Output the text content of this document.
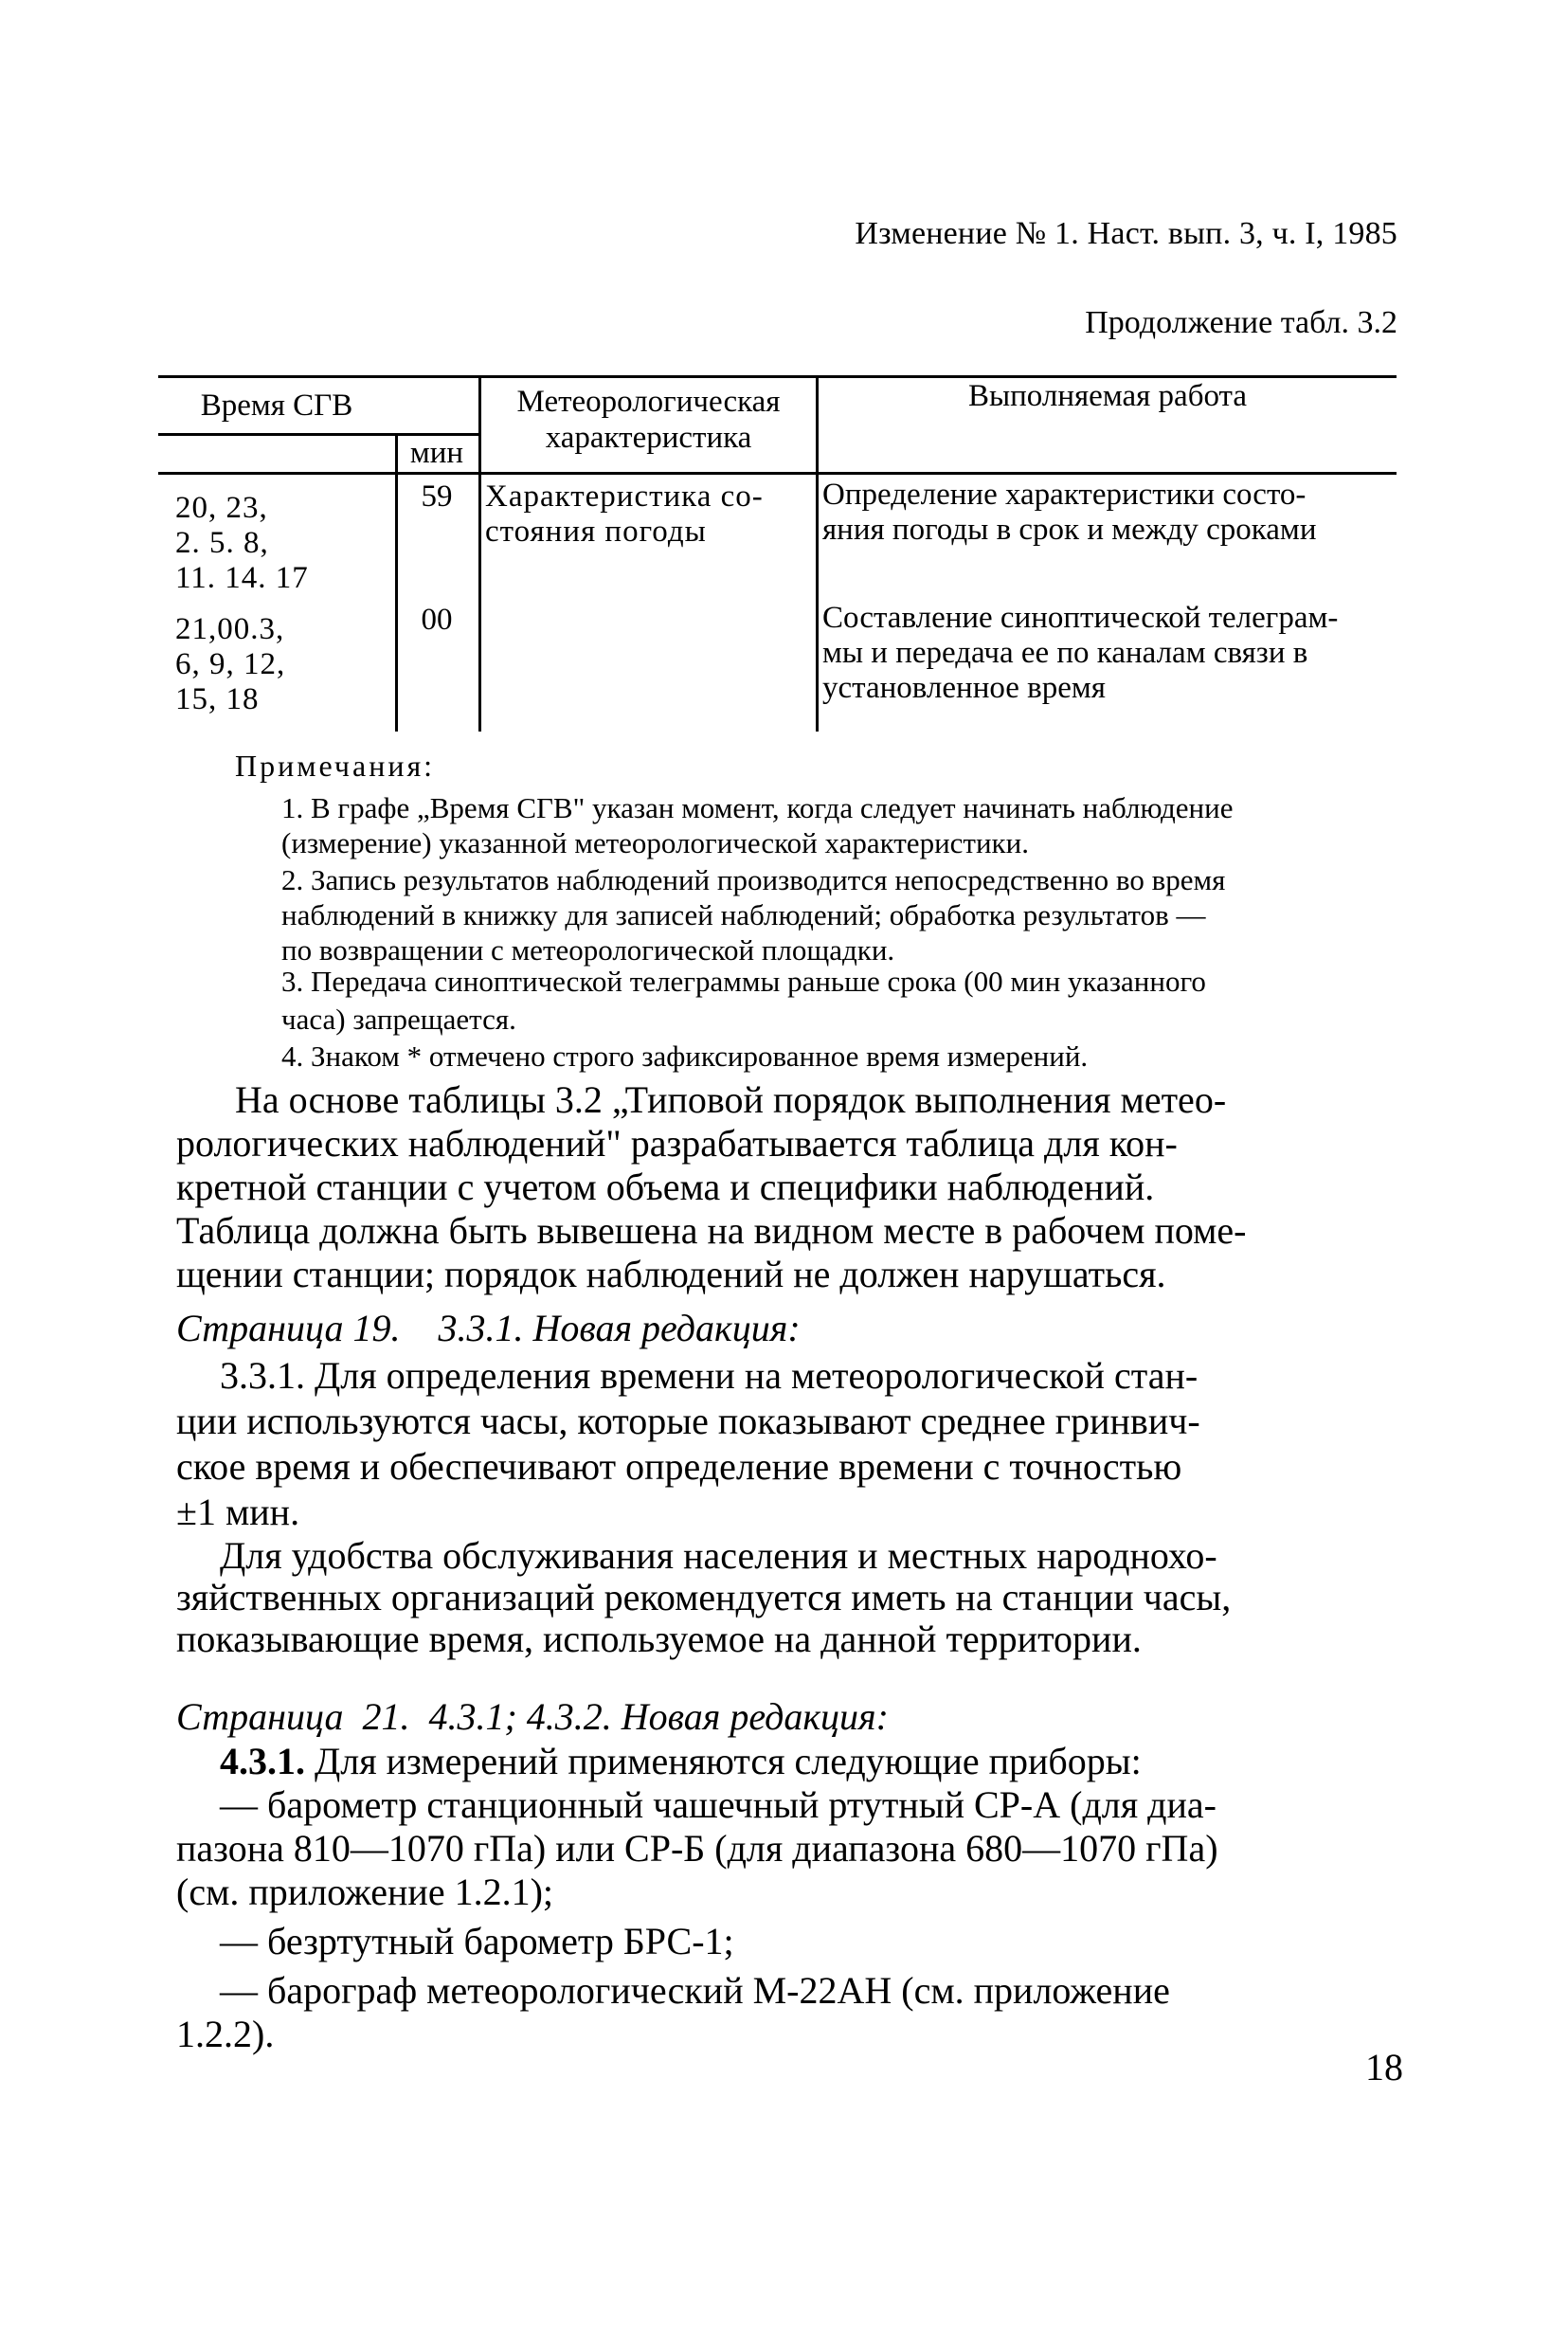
Изменение № 1. Наст. вып. 3, ч. I, 1985
Продолжение табл. 3.2
Время СГВ
мин
Метеорологическая
характеристика
Выполняемая работа
20, 23,
2. 5. 8,
11. 14. 17
59	Характеристика со-
стояния погоды
Определение характеристики состо-
яния погоды в срок и между сроками
21,00.3,
6, 9, 12,
15, 18
00	Составление синоптической телеграм-
мы и передача ее по каналам связи в
установленное время
Примечания:
1. В графе „Время СГВ" указан момент, когда следует начинать наблюдение
(измерение) указанной метеорологической характеристики.
2. Запись результатов наблюдений производится непосредственно во время
наблюдений в книжку для записей наблюдений; обработка результатов —
по возвращении с метеорологической площадки.
3. Передача синоптической телеграммы раньше срока (00 мин указанного
часа) запрещается.
4. Знаком * отмечено строго зафиксированное время измерений.
На основе таблицы 3.2 „Типовой порядок выполнения метео-
рологических наблюдений" разрабатывается таблица для кон-
кретной станции с учетом объема и специфики наблюдений.
Таблица должна быть вывешена на видном месте в рабочем поме-
щении станции; порядок наблюдений не должен нарушаться.
Страница 19.    3.3.1. Новая редакция:
3.3.1. Для определения времени на метеорологической стан-
ции используются часы, которые показывают среднее гринвич-
ское время и обеспечивают определение времени с точностью
±1 мин.
Для удобства обслуживания населения и местных народнохо-
зяйственных организаций рекомендуется иметь на станции часы,
показывающие время, используемое на данной территории.
Страница  21.  4.3.1; 4.3.2. Новая редакция:
4.3.1. Для измерений применяются следующие приборы:
— барометр станционный чашечный ртутный СР-А (для диа-
пазона 810—1070 гПа) или СР-Б (для диапазона 680—1070 гПа)
(см. приложение 1.2.1);
— безртутный барометр БРС-1;
— барограф метеорологический М-22АН (см. приложение
1.2.2).
18
